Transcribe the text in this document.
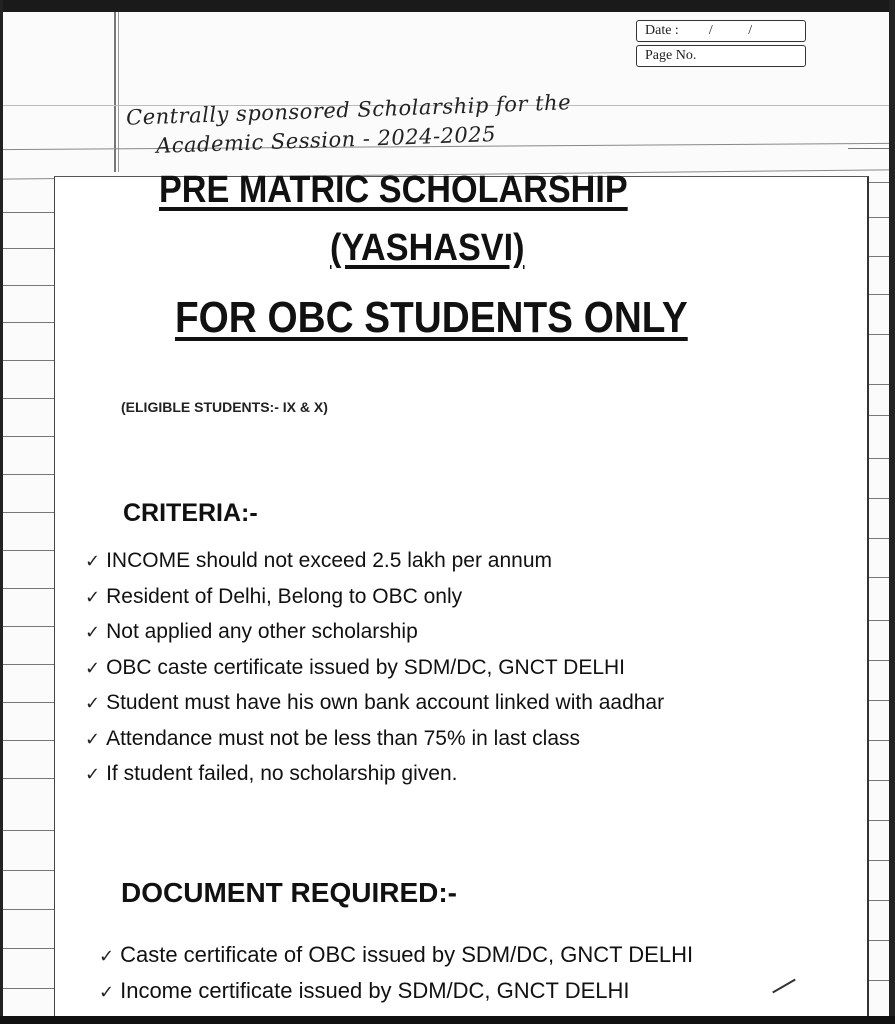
Date : / /
Page No.
Centrally sponsored Scholarship for the
Academic Session - 2024-2025
PRE MATRIC SCHOLARSHIP
(YASHASVI)
FOR OBC STUDENTS ONLY
(ELIGIBLE STUDENTS:- IX & X)
CRITERIA:-
✓ INCOME should not exceed 2.5 lakh per annum
✓ Resident of Delhi, Belong to OBC only
✓ Not applied any other scholarship
✓ OBC caste certificate issued by SDM/DC, GNCT DELHI
✓ Student must have his own bank account linked with aadhar
✓ Attendance must not be less than 75% in last class
✓ If student failed, no scholarship given.
DOCUMENT REQUIRED:-
✓ Caste certificate of OBC issued by SDM/DC, GNCT DELHI
✓ Income certificate issued by SDM/DC, GNCT DELHI
